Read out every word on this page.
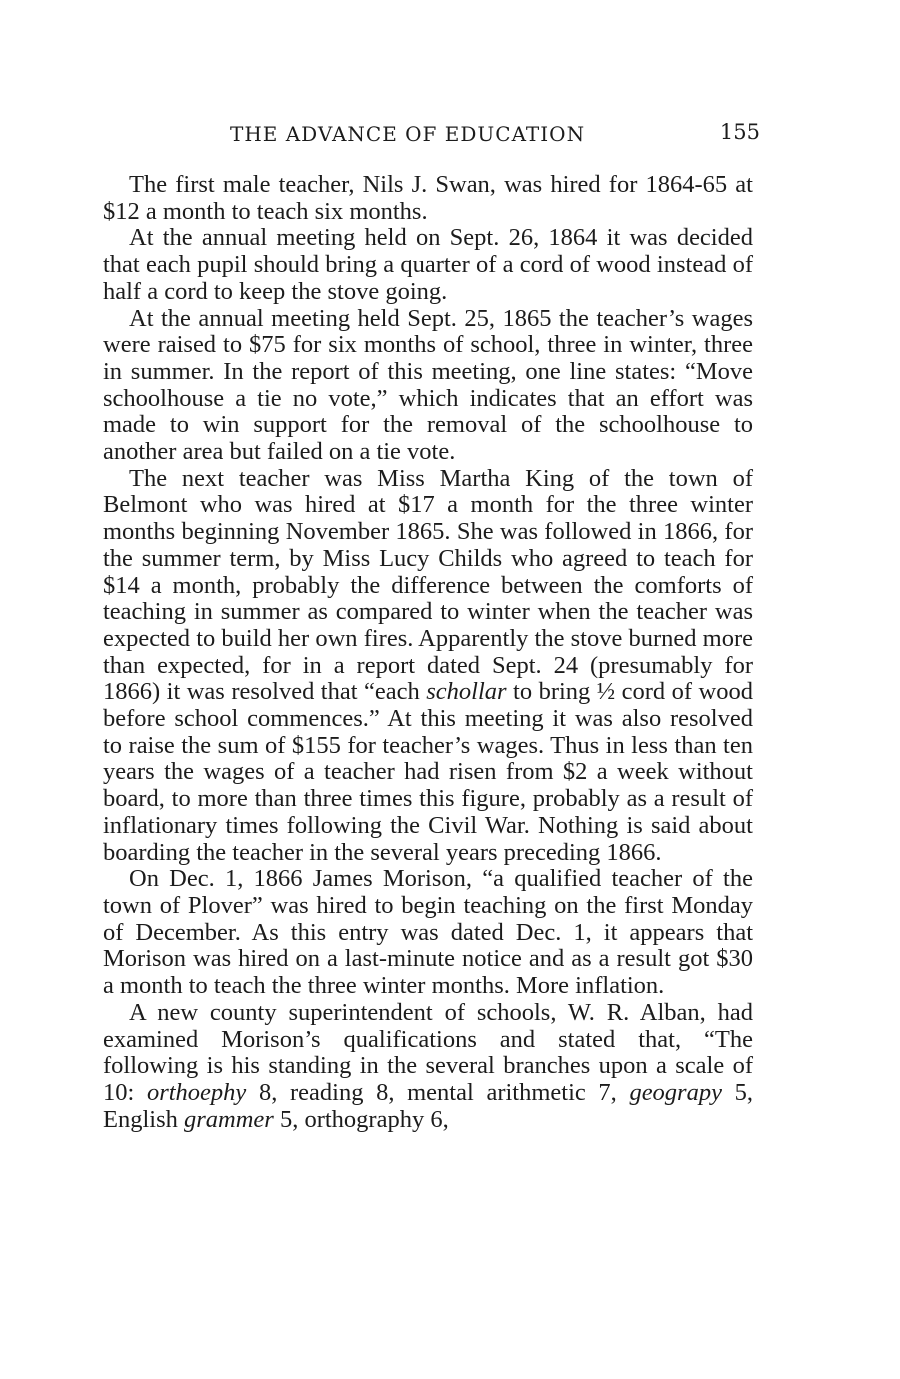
THE ADVANCE OF EDUCATION	155

The first male teacher, Nils J. Swan, was hired for 1864-65 at $12 a month to teach six months.

At the annual meeting held on Sept. 26, 1864 it was decided that each pupil should bring a quarter of a cord of wood instead of half a cord to keep the stove going.

At the annual meeting held Sept. 25, 1865 the teacher’s wages were raised to $75 for six months of school, three in winter, three in summer. In the report of this meeting, one line states: “Move schoolhouse a tie no vote,” which indicates that an effort was made to win support for the removal of the schoolhouse to another area but failed on a tie vote.

The next teacher was Miss Martha King of the town of Belmont who was hired at $17 a month for the three winter months beginning November 1865. She was followed in 1866, for the summer term, by Miss Lucy Childs who agreed to teach for $14 a month, probably the difference between the comforts of teaching in summer as compared to winter when the teacher was expected to build her own fires. Apparently the stove burned more than expected, for in a report dated Sept. 24 (presumably for 1866) it was resolved that “each schollar to bring ½ cord of wood before school commences.” At this meeting it was also resolved to raise the sum of $155 for teacher’s wages. Thus in less than ten years the wages of a teacher had risen from $2 a week without board, to more than three times this figure, probably as a result of inflationary times following the Civil War. Nothing is said about boarding the teacher in the several years preceding 1866.

On Dec. 1, 1866 James Morison, “a qualified teacher of the town of Plover” was hired to begin teaching on the first Monday of December. As this entry was dated Dec. 1, it appears that Morison was hired on a last-minute notice and as a result got $30 a month to teach the three winter months. More inflation.

A new county superintendent of schools, W. R. Alban, had examined Morison’s qualifications and stated that, “The following is his standing in the several branches upon a scale of 10: orthoephy 8, reading 8, mental arithmetic 7, geograpy 5, English grammer 5, orthography 6,
